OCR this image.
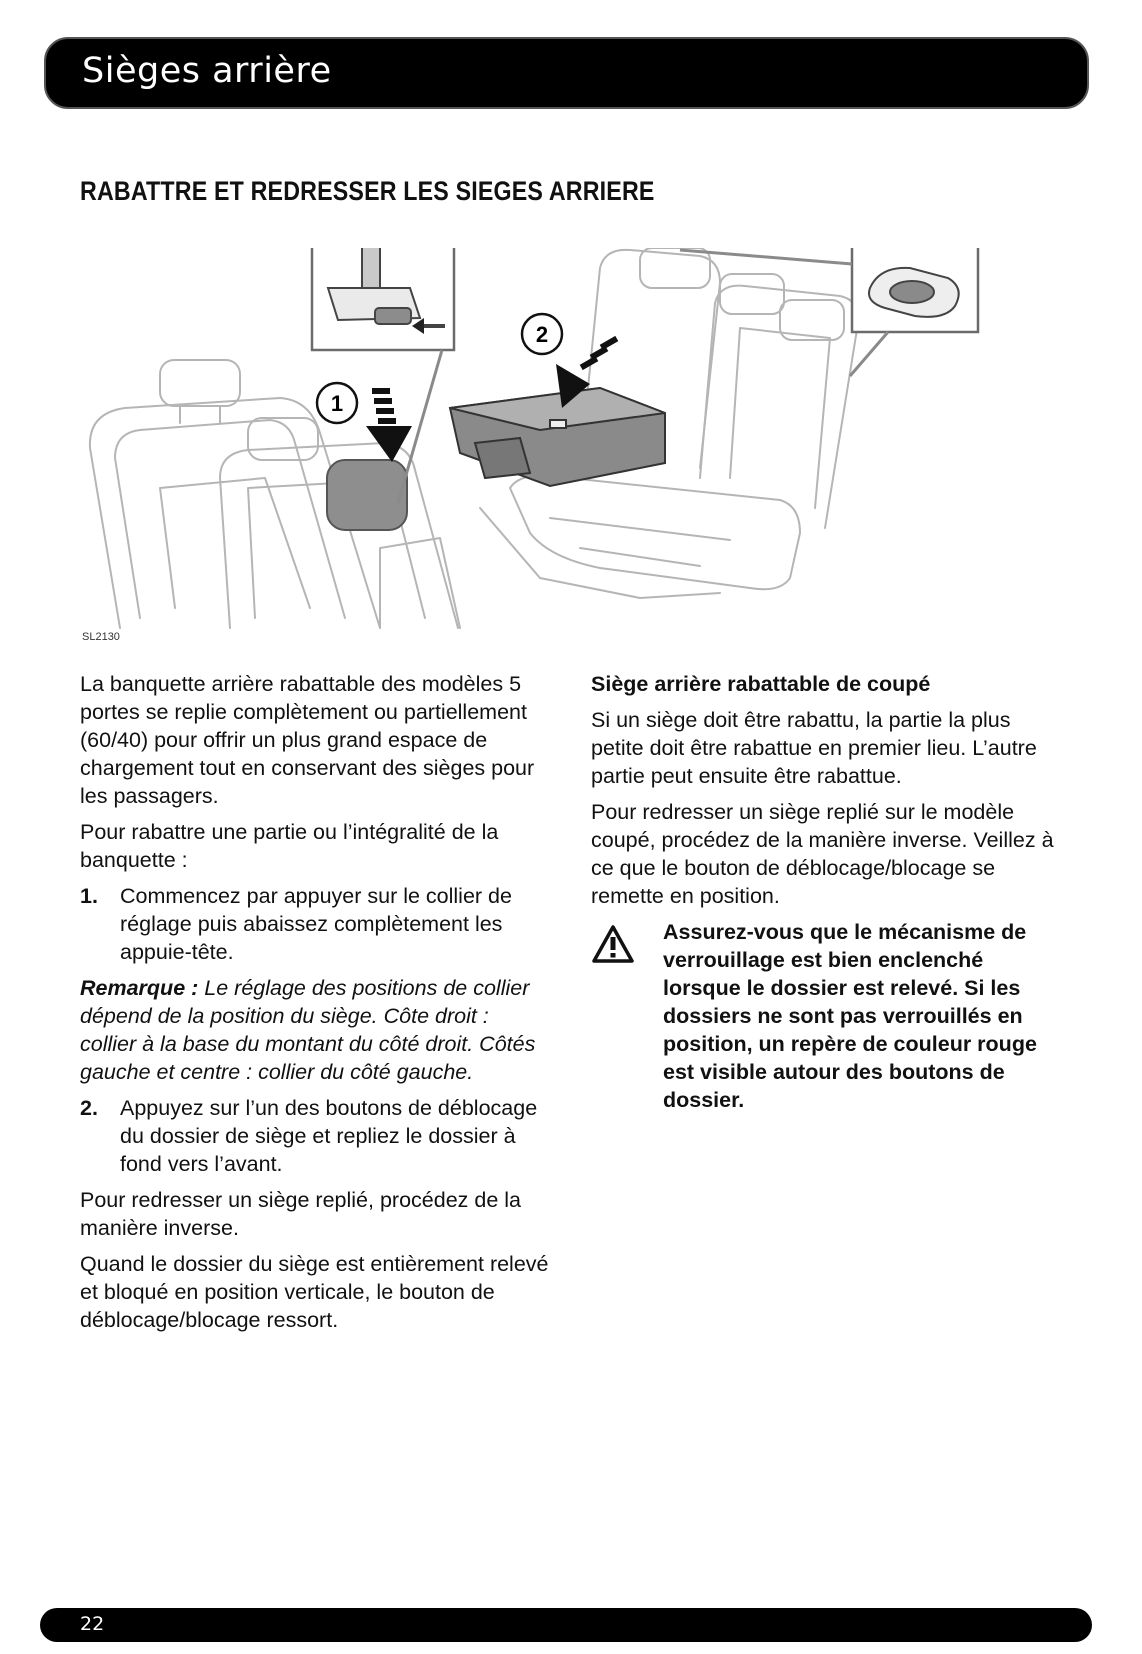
Sièges arrière
RABATTRE ET REDRESSER LES SIEGES ARRIERE
1
2
SL2130

La banquette arrière rabattable des modèles 5 portes se replie complètement ou partiellement (60/40) pour offrir un plus grand espace de chargement tout en conservant des sièges pour les passagers.

Pour rabattre une partie ou l’intégralité de la banquette :

1.	Commencez par appuyer sur le collier de réglage puis abaissez complètement les appuie-tête.

Remarque : Le réglage des positions de collier dépend de la position du siège. Côte droit : collier à la base du montant du côté droit. Côtés gauche et centre : collier du côté gauche.

2.	Appuyez sur l’un des boutons de déblocage du dossier de siège et repliez le dossier à fond vers l’avant.

Pour redresser un siège replié, procédez de la manière inverse.

Quand le dossier du siège est entièrement relevé et bloqué en position verticale, le bouton de déblocage/blocage ressort.

Siège arrière rabattable de coupé

Si un siège doit être rabattu, la partie la plus petite doit être rabattue en premier lieu. L’autre partie peut ensuite être rabattue.

Pour redresser un siège replié sur le modèle coupé, procédez de la manière inverse. Veillez à ce que le bouton de déblocage/blocage se remette en position.

Assurez-vous que le mécanisme de verrouillage est bien enclenché lorsque le dossier est relevé. Si les dossiers ne sont pas verrouillés en position, un repère de couleur rouge est visible autour des boutons de dossier.
22
